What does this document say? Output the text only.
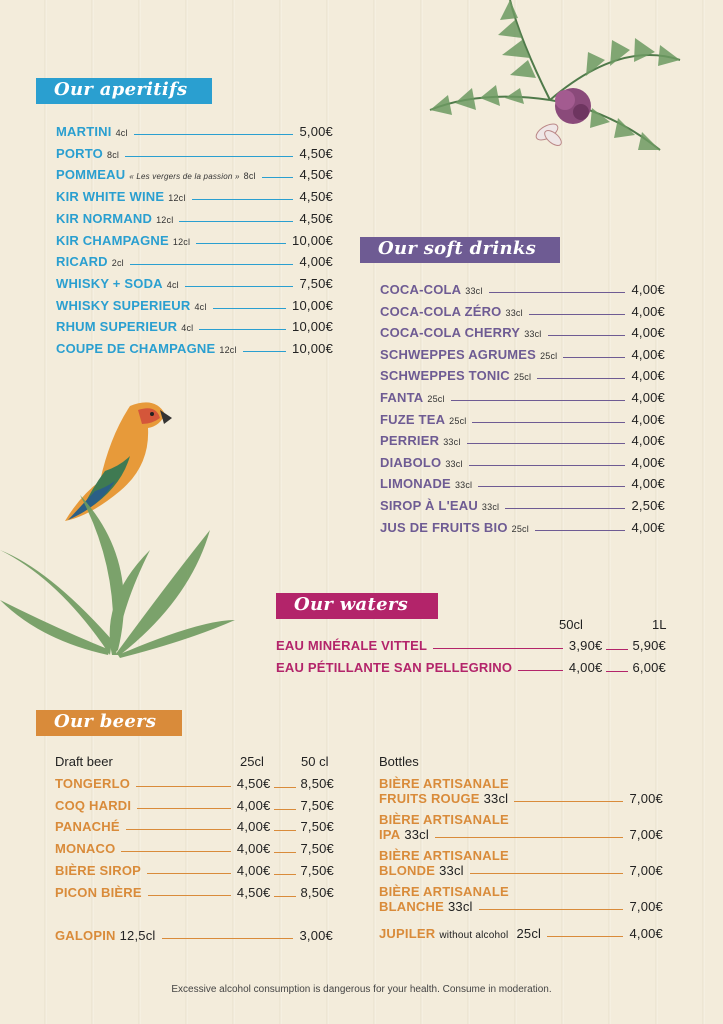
Our aperitifs
MARTINI 4cl	5,00€
PORTO 8cl	4,50€
POMMEAU « Les vergers de la passion » 8cl	4,50€
KIR WHITE WINE 12cl	4,50€
KIR NORMAND 12cl	4,50€
KIR CHAMPAGNE 12cl	10,00€
RICARD 2cl	4,00€
WHISKY + SODA 4cl	7,50€
WHISKY SUPERIEUR 4cl	10,00€
RHUM SUPERIEUR 4cl	10,00€
COUPE DE CHAMPAGNE 12cl	10,00€
Our soft drinks
COCA-COLA 33cl	4,00€
COCA-COLA ZÉRO 33cl	4,00€
COCA-COLA CHERRY 33cl	4,00€
SCHWEPPES AGRUMES 25cl	4,00€
SCHWEPPES TONIC 25cl	4,00€
FANTA 25cl	4,00€
FUZE TEA 25cl	4,00€
PERRIER 33cl	4,00€
DIABOLO 33cl	4,00€
LIMONADE 33cl	4,00€
SIROP À L'EAU 33cl	2,50€
JUS DE FRUITS BIO 25cl	4,00€
Our waters
50cl	1L
EAU MINÉRALE VITTEL	3,90€ 5,90€
EAU PÉTILLANTE SAN PELLEGRINO	4,00€ 6,00€
Our beers
Draft beer	25cl	50 cl
TONGERLO	4,50€ 8,50€
COQ HARDI	4,00€ 7,50€
PANACHÉ	4,00€ 7,50€
MONACO	4,00€ 7,50€
BIÈRE SIROP	4,00€ 7,50€
PICON BIÈRE	4,50€ 8,50€
GALOPIN 12,5cl	3,00€
Bottles
BIÈRE ARTISANALE
FRUITS ROUGE 33cl	7,00€
BIÈRE ARTISANALE
IPA 33cl	7,00€
BIÈRE ARTISANALE
BLONDE 33cl	7,00€
BIÈRE ARTISANALE
BLANCHE 33cl	7,00€
JUPILER without alcohol 25cl	4,00€
Excessive alcohol consumption is dangerous for your health. Consume in moderation.
